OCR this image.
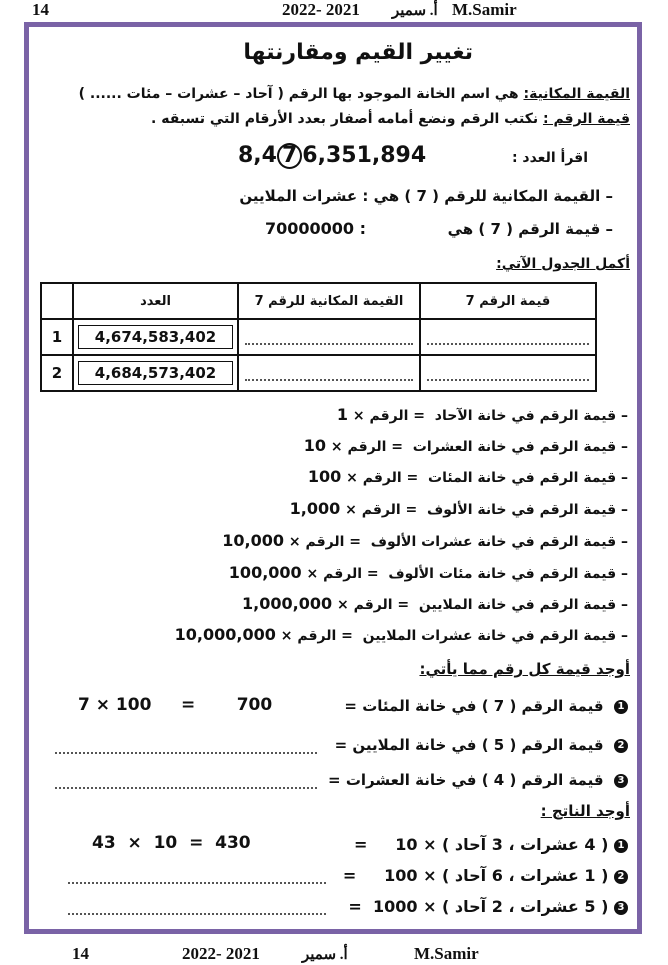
14	2022- 2021 أ. سمير M.Samir
تغيير القيم ومقارنتها
القيمة المكانية: هي اسم الخانة الموجود بها الرقم ( آحاد – عشرات – مئات ...... )
قيمة الرقم : نكتب الرقم ونضع أمامه أصفار بعدد الأرقام التي تسبقه .
اقرأ العدد :
8,4 7 6,351,894
– القيمة المكانية للرقم ( 7 ) هي : عشرات الملايين
– قيمة الرقم ( 7 ) هي
70000000 :
أكمل الجدول الآتي:
	العدد	القيمة المكانية للرقم 7	قيمة الرقم 7
1	4,674,583,402		

2	4,684,573,402		

– قيمة الرقم في خانة الآحاد  = الرقم × 1
– قيمة الرقم في خانة العشرات  = الرقم × 10
– قيمة الرقم في خانة المئات  = الرقم × 100
– قيمة الرقم في خانة الألوف  = الرقم × 1,000
– قيمة الرقم في خانة عشرات الألوف  = الرقم × 10,000
– قيمة الرقم في خانة مئات الألوف  = الرقم × 100,000
– قيمة الرقم في خانة الملايين  = الرقم × 1,000,000
– قيمة الرقم في خانة عشرات الملايين  = الرقم × 10,000,000
أوجد قيمة كل رقم مما يأتي:
1  قيمة الرقم ( 7 ) في خانة المئات =
7 × 100 = 700
2  قيمة الرقم ( 5 ) في خانة الملايين =
3  قيمة الرقم ( 4 ) في خانة العشرات =
أوجد الناتج :
1 ( 4 عشرات ، 3 آحاد ) × 10     =
43  ×  10  =  430
2 ( 1 عشرات ، 6 آحاد ) × 100     =
3 ( 5 عشرات ، 2 آحاد ) × 1000  =
14	2022- 2021	أ. سمير	M.Samir
